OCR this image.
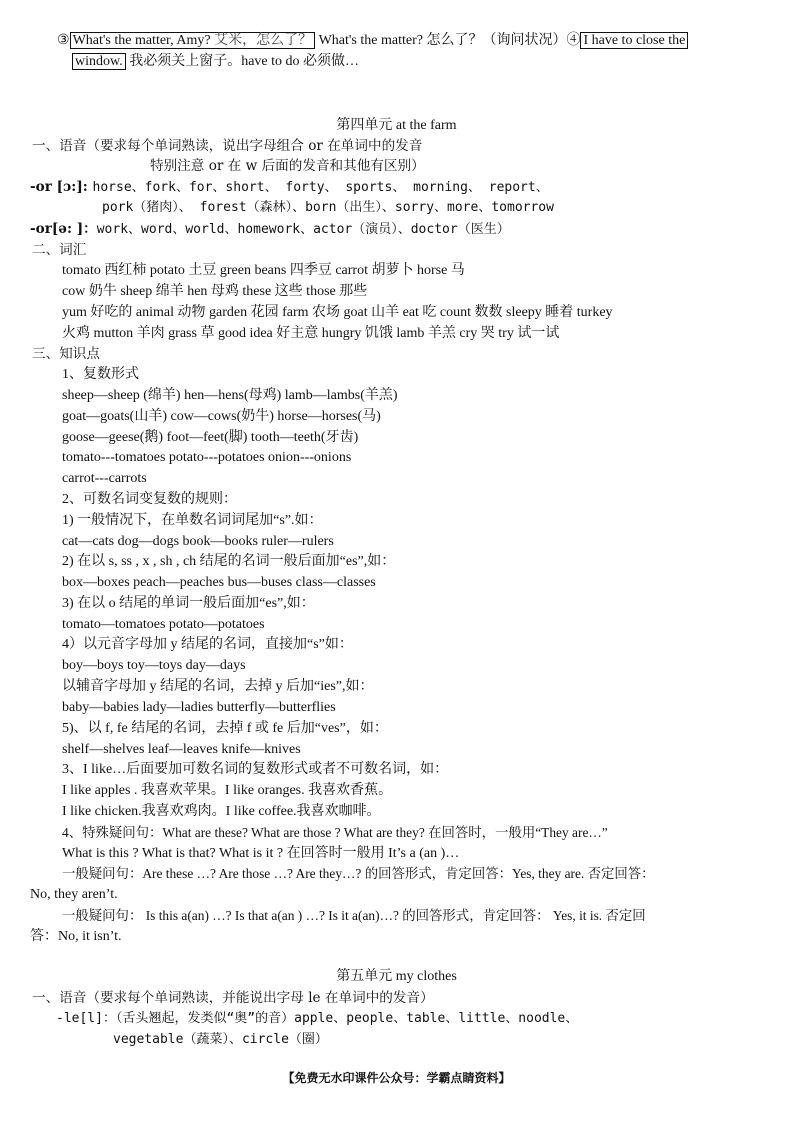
③ What's the matter, Amy? 艾米，怎么了？ What's the matter? 怎么了？（询问状况）④ I have to close the
window. 我必须关上窗子。have to do 必须做…
第四单元 at the farm
一、语音（要求每个单词熟读，说出字母组合 or 在单词中的发音
特别注意 or 在 w 后面的发音和其他有区别）
-or [ɔ:]: horse、fork、for、short、 forty、 sports、 morning、 report、
pork（猪肉）、 forest（森林）、born（出生）、sorry、more、tomorrow
-or[ə: ]：work、word、world、homework、actor（演员）、doctor（医生）
二、词汇
tomato 西红柿 potato 土豆 green beans 四季豆 carrot 胡萝卜 horse 马
cow 奶牛 sheep 绵羊 hen 母鸡 these 这些 those 那些
yum 好吃的 animal 动物 garden 花园 farm 农场 goat 山羊 eat 吃 count 数数 sleepy 睡着 turkey
火鸡 mutton 羊肉 grass 草 good idea 好主意 hungry 饥饿 lamb 羊羔 cry 哭 try 试一试
三、知识点
1、复数形式
sheep—sheep (绵羊) hen—hens(母鸡) lamb—lambs(羊羔)
goat—goats(山羊) cow—cows(奶牛) horse—horses(马)
goose—geese(鹅) foot—feet(脚) tooth—teeth(牙齿)
tomato---tomatoes potato---potatoes onion---onions
carrot---carrots
2、可数名词变复数的规则：
1) 一般情况下，在单数名词词尾加“s”.如：
cat—cats dog—dogs book—books ruler—rulers
2) 在以 s, ss , x , sh , ch 结尾的名词一般后面加“es”,如：
box—boxes peach—peaches bus—buses class—classes
3) 在以 o 结尾的单词一般后面加“es”,如：
tomato—tomatoes potato—potatoes
4）以元音字母加 y 结尾的名词，直接加“s”如：
boy—boys toy—toys day—days
以辅音字母加 y 结尾的名词，去掉 y 后加“ies”,如：
baby—babies lady—ladies butterfly—butterflies
5)、以 f, fe 结尾的名词，去掉 f 或 fe 后加“ves”，如：
shelf—shelves leaf—leaves knife—knives
3、I like…后面要加可数名词的复数形式或者不可数名词，如：
I like apples . 我喜欢苹果。I like oranges. 我喜欢香蕉。
I like chicken.我喜欢鸡肉。I like coffee.我喜欢咖啡。
4、特殊疑问句：What are these? What are those ? What are they? 在回答时，一般用“They are…”
What is this ? What is that? What is it ? 在回答时一般用 It’s a (an )…
一般疑问句：Are these …? Are those …? Are they…? 的回答形式，肯定回答：Yes, they are. 否定回答：
No, they aren’t.
一般疑问句： Is this a(an) …? Is that a(an ) …? Is it a(an)…? 的回答形式，肯定回答： Yes, it is. 否定回
答：No, it isn’t.
第五单元 my clothes
一、语音（要求每个单词熟读，并能说出字母 le 在单词中的发音）
-le[l]：（舌头翘起，发类似“奥”的音）apple、people、table、little、noodle、
vegetable（蔬菜）、circle（圈）
【免费无水印课件公众号：学霸点睛资料】
